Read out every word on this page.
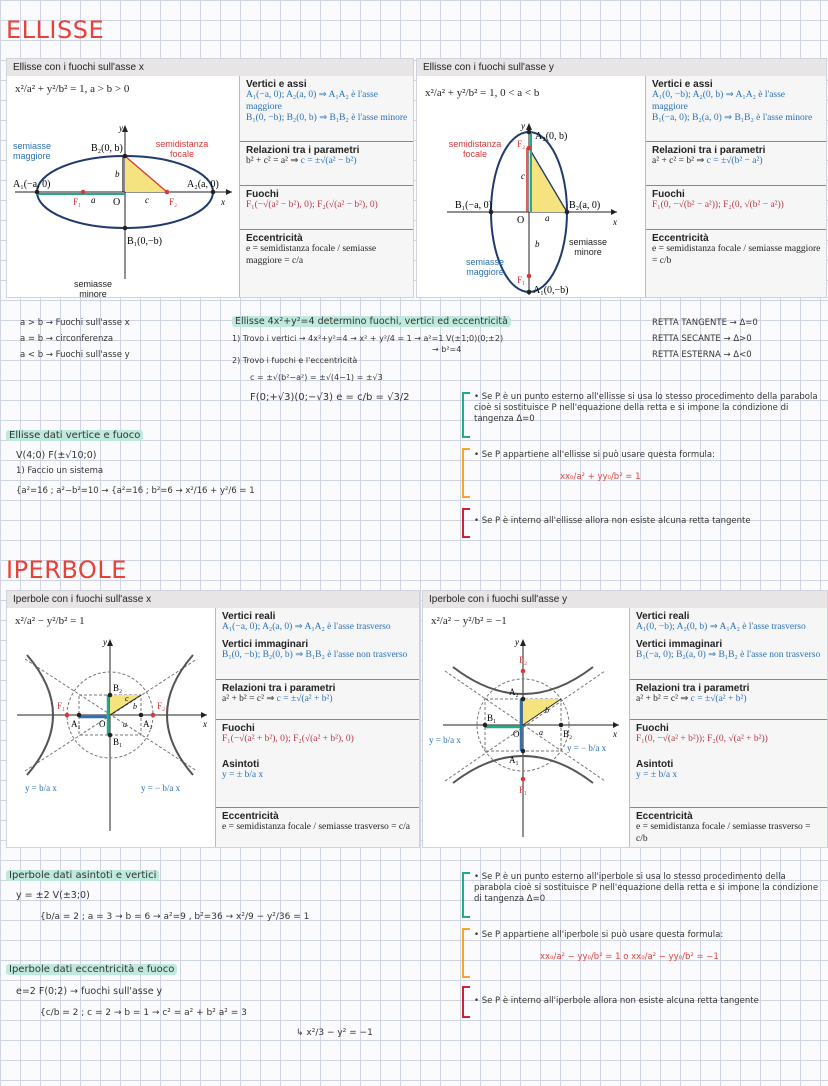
ELLISSE
Ellisse con i fuochi sull'asse x
x²/a² + y²/b² = 1, a > b > 0
A₁(−a, 0)	A₂(a, 0)
B₂(0, b)
B₁(0,−b)
F₁	F₂
O
a
b
c	x
y
semiasse maggiore
semidistanza focale
semiasse minore
Vertici e assi
A₁(−a, 0); A₂(a, 0) ⇒ A₁A₂ è l'asse maggiore
B₁(0, −b); B₂(0, b) ⇒ B₁B₂ è l'asse minore
Relazioni tra i parametri
b² + c² = a² ⇒ c = ±√(a² − b²)
Fuochi
F₁(−√(a² − b²), 0); F₂(√(a² − b²), 0)
Eccentricità
e = semidistanza focale / semiasse maggiore = c/a
Ellisse con i fuochi sull'asse y
x²/a² + y²/b² = 1, 0 < a < b
A₂(0, b)
A₁(0,−b)
B₁(−a, 0)	B₂(a, 0)
F₂
F₁
O a
b
c
x
y
semidistanza focale
semiasse minore
semiasse maggiore
Vertici e assi
A₁(0, −b); A₂(0, b) ⇒ A₁A₂ è l'asse maggiore
B₁(−a, 0); B₂(a, 0) ⇒ B₁B₂ è l'asse minore
Relazioni tra i parametri
a² + c² = b² ⇒ c = ±√(b² − a²)
Fuochi
F₁(0, −√(b² − a²)); F₂(0, √(b² − a²))
Eccentricità
e = semidistanza focale / semiasse maggiore = c/b
a > b → Fuochi sull'asse x
a = b → circonferenza
a < b → Fuochi sull'asse y
Ellisse 4x²+y²=4 determino fuochi, vertici ed eccentricità
1) Trovo i vertici → 4x²+y²=4 → x² + y²/4 = 1 → a²=1 V(±1;0)(0;±2)
→ b²=4
2) Trovo i fuochi e l'eccentricità
c = ±√(b²−a²) = ±√(4−1) = ±√3
F(0;+√3)(0;−√3) e = c/b = √3/2
RETTA TANGENTE → Δ=0
RETTA SECANTE → Δ>0
RETTA ESTERNA → Δ<0
Ellisse dati vertice e fuoco
V(4;0) F(±√10;0)
1) Faccio un sistema
{a²=16 ; a²−b²=10 → {a²=16 ; b²=6 → x²/16 + y²/6 = 1
• Se P è un punto esterno all'ellisse si usa lo stesso procedimento della parabola cioè si sostituisce P nell'equazione della retta e si impone la condizione di tangenza Δ=0
• Se P appartiene all'ellisse si può usare questa formula:
xx₀/a² + yy₀/b² = 1
• Se P è interno all'ellisse allora non esiste alcuna retta tangente
IPERBOLE
Iperbole con i fuochi sull'asse x
x²/a² − y²/b² = 1
F₁	F₂
A₁	A₂
B₂
B₁
O a
b
c
x
y
y = b/a x	y = − b/a x
Vertici reali
A₁(−a, 0); A₂(a, 0) ⇒ A₁A₂ è l'asse trasverso
Vertici immaginari
B₁(0, −b); B₂(0, b) ⇒ B₁B₂ è l'asse non trasverso
Relazioni tra i parametri
a² + b² = c² ⇒ c = ±√(a² + b²)
Fuochi
F₁(−√(a² + b²), 0); F₂(√(a² + b²), 0)
Asintoti
y = ± b/a x
Eccentricità
e = semidistanza focale / semiasse trasverso = c/a
Iperbole con i fuochi sull'asse y
x²/a² − y²/b² = −1
F₂
F₁
A₂
A₁
B₁
B₂
O a
b
x
y
y = b/a x
y = − b/a x
Vertici reali
A₁(0, −b); A₂(0, b) ⇒ A₁A₂ è l'asse trasverso
Vertici immaginari
B₁(−a, 0); B₂(a, 0) ⇒ B₁B₂ è l'asse non trasverso
Relazioni tra i parametri
a² + b² = c² ⇒ c = ±√(a² + b²)
Fuochi
F₁(0, −√(a² + b²)); F₂(0, √(a² + b²))
Asintoti
y = ± b/a x
Eccentricità
e = semidistanza focale / semiasse trasverso = c/b
Iperbole dati asintoti e vertici
y = ±2 V(±3;0)
{b/a = 2 ; a = 3 → b = 6 → a²=9 , b²=36 → x²/9 − y²/36 = 1
Iperbole dati eccentricità e fuoco
e=2 F(0;2) → fuochi sull'asse y
{c/b = 2 ; c = 2 → b = 1 → c² = a² + b² a² = 3
↳ x²/3 − y² = −1
• Se P è un punto esterno all'iperbole si usa lo stesso procedimento della parabola cioè si sostituisce P nell'equazione della retta e si impone la condizione di tangenza Δ=0
• Se P appartiene all'iperbole si può usare questa formula:
xx₀/a² − yy₀/b² = 1 o xx₀/a² − yy₀/b² = −1
• Se P è interno all'iperbole allora non esiste alcuna retta tangente
